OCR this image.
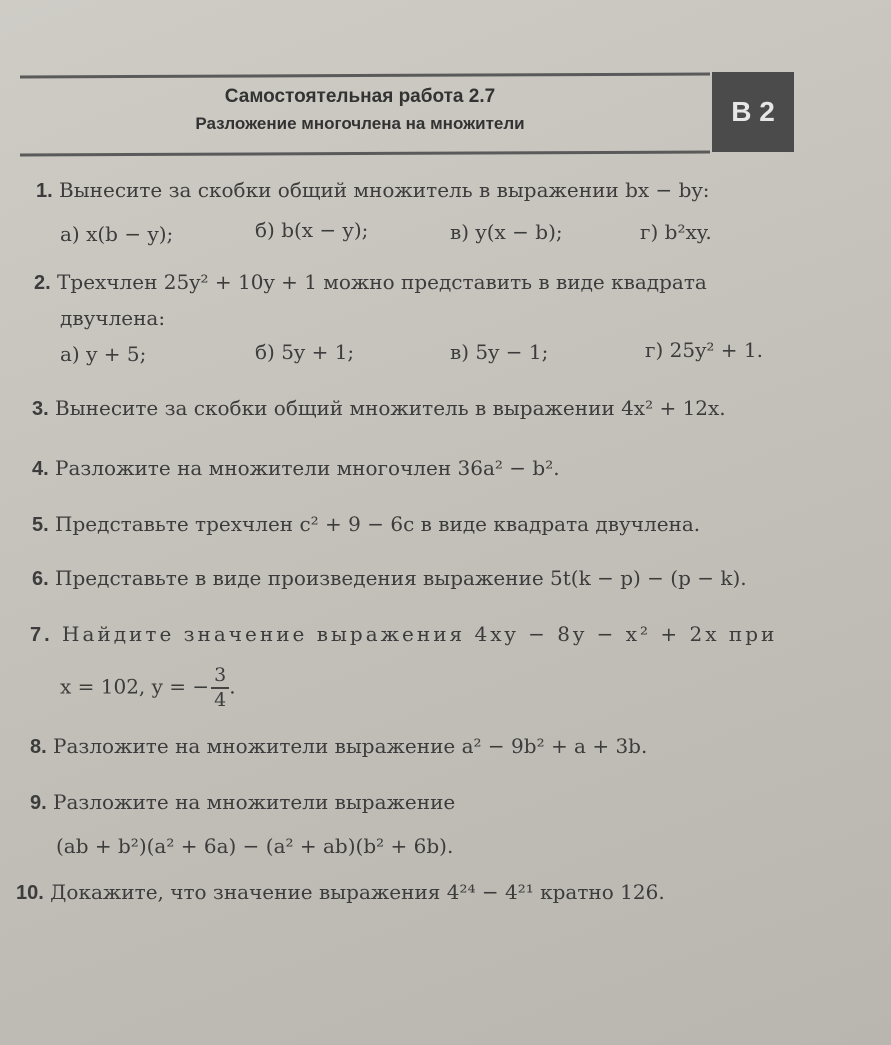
Самостоятельная работа 2.7
Разложение многочлена на множители	B 2
1. Вынесите за скобки общий множитель в выражении bx − by:
а) x(b − y);	б) b(x − y);	в) y(x − b);	г) b²xy.
2. Трехчлен 25y² + 10y + 1 можно представить в виде квадрата
двучлена:
а) y + 5;	б) 5y + 1;	в) 5y − 1;	г) 25y² + 1.
3. Вынесите за скобки общий множитель в выражении 4x² + 12x.
4. Разложите на множители многочлен 36a² − b².
5. Представьте трехчлен c² + 9 − 6c в виде квадрата двучлена.
6. Представьте в виде произведения выражение 5t(k − p) − (p − k).
7. Найдите значение выражения 4xy − 8y − x² + 2x при
x = 102, y = − $\frac{3}{4}$ .
8. Разложите на множители выражение a² − 9b² + a + 3b.
9. Разложите на множители выражение
(ab + b²)(a² + 6a) − (a² + ab)(b² + 6b).
10. Докажите, что значение выражения 4²⁴ − 4²¹ кратно 126.
